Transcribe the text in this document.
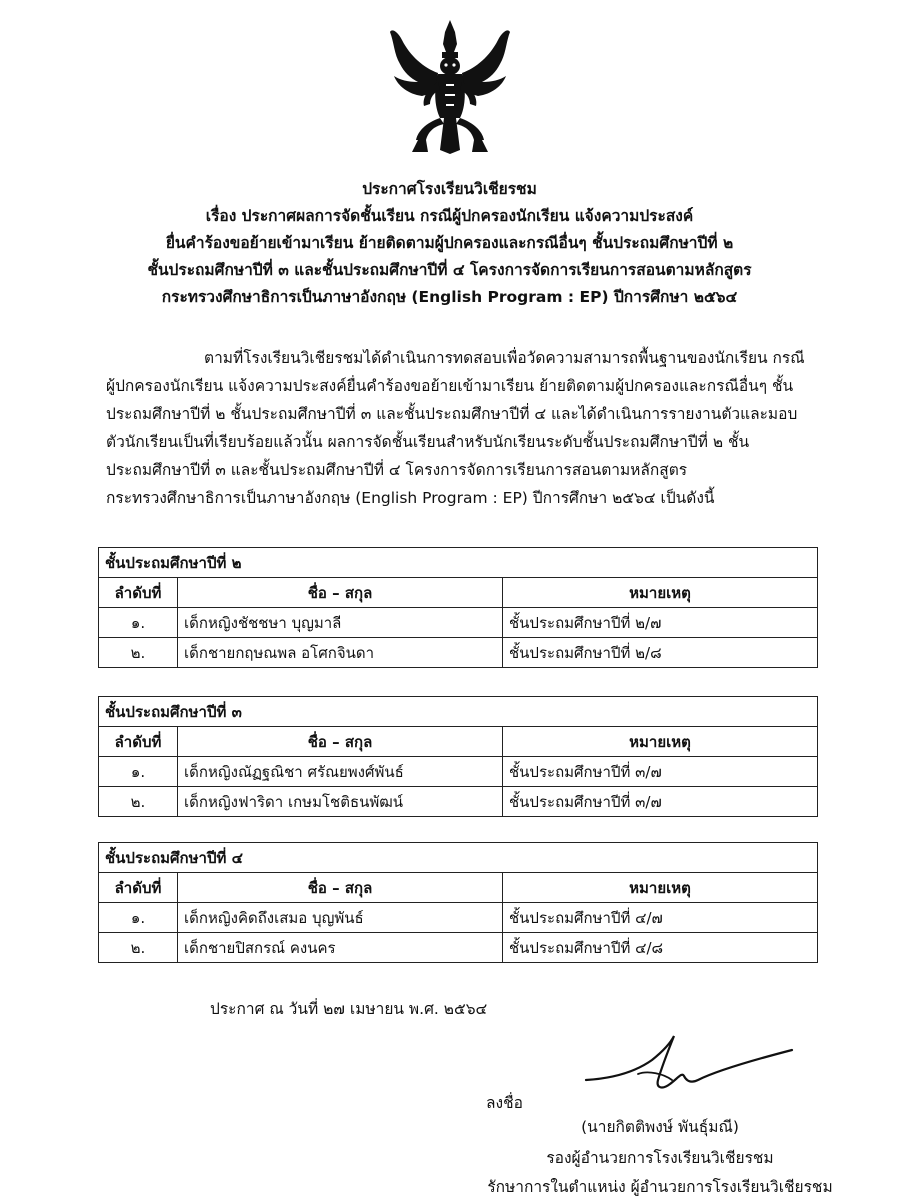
ประกาศโรงเรียนวิเชียรชม
เรื่อง ประกาศผลการจัดชั้นเรียน กรณีผู้ปกครองนักเรียน แจ้งความประสงค์
ยื่นคำร้องขอย้ายเข้ามาเรียน ย้ายติดตามผู้ปกครองและกรณีอื่นๆ ชั้นประถมศึกษาปีที่ ๒
ชั้นประถมศึกษาปีที่ ๓ และชั้นประถมศึกษาปีที่ ๔ โครงการจัดการเรียนการสอนตามหลักสูตร
กระทรวงศึกษาธิการเป็นภาษาอังกฤษ (English Program : EP) ปีการศึกษา ๒๕๖๔
ตามที่โรงเรียนวิเชียรชมได้ดำเนินการทดสอบเพื่อวัดความสามารถพื้นฐานของนักเรียน กรณี
ผู้ปกครองนักเรียน แจ้งความประสงค์ยื่นคำร้องขอย้ายเข้ามาเรียน ย้ายติดตามผู้ปกครองและกรณีอื่นๆ ชั้น
ประถมศึกษาปีที่ ๒ ชั้นประถมศึกษาปีที่ ๓ และชั้นประถมศึกษาปีที่ ๔ และได้ดำเนินการรายงานตัวและมอบ
ตัวนักเรียนเป็นที่เรียบร้อยแล้วนั้น ผลการจัดชั้นเรียนสำหรับนักเรียนระดับชั้นประถมศึกษาปีที่ ๒ ชั้น
ประถมศึกษาปีที่ ๓ และชั้นประถมศึกษาปีที่ ๔ โครงการจัดการเรียนการสอนตามหลักสูตร
กระทรวงศึกษาธิการเป็นภาษาอังกฤษ (English Program : EP) ปีการศึกษา ๒๕๖๔ เป็นดังนี้
ชั้นประถมศึกษาปีที่ ๒		
ลำดับที่	ชื่อ – สกุล	หมายเหตุ
๑.	เด็กหญิงชัชชษา บุญมาลี	ชั้นประถมศึกษาปีที่ ๒/๗
๒.	เด็กชายกฤษณพล อโศกจินดา	ชั้นประถมศึกษาปีที่ ๒/๘
ชั้นประถมศึกษาปีที่ ๓		
ลำดับที่	ชื่อ – สกุล	หมายเหตุ
๑.	เด็กหญิงณัฏฐณิชา ศรัณยพงศ์พันธ์	ชั้นประถมศึกษาปีที่ ๓/๗
๒.	เด็กหญิงฟาริดา เกษมโชติธนพัฒน์	ชั้นประถมศึกษาปีที่ ๓/๗
ชั้นประถมศึกษาปีที่ ๔		
ลำดับที่	ชื่อ – สกุล	หมายเหตุ
๑.	เด็กหญิงคิดถึงเสมอ บุญพันธ์	ชั้นประถมศึกษาปีที่ ๔/๗
๒.	เด็กชายปิสกรณ์ คงนคร	ชั้นประถมศึกษาปีที่ ๔/๘
ประกาศ ณ วันที่ ๒๗ เมษายน พ.ศ. ๒๕๖๔
ลงชื่อ
(นายกิตติพงษ์ พันธุ์มณี)
รองผู้อำนวยการโรงเรียนวิเชียรชม
รักษาการในตำแหน่ง ผู้อำนวยการโรงเรียนวิเชียรชม
